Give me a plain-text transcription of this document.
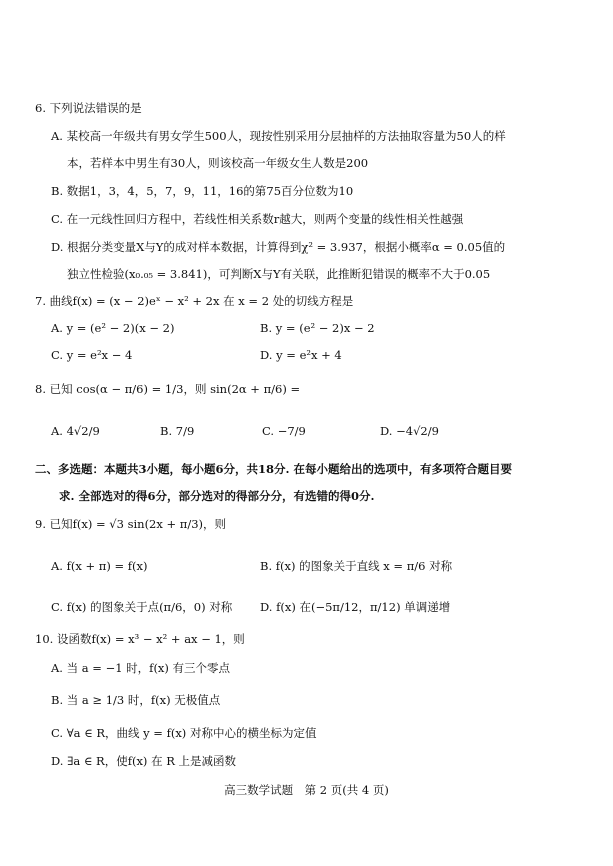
6. 下列说法错误的是
A. 某校高一年级共有男女学生500人，现按性别采用分层抽样的方法抽取容量为50人的样
本，若样本中男生有30人，则该校高一年级女生人数是200
B. 数据1，3，4，5，7，9，11，16的第75百分位数为10
C. 在一元线性回归方程中，若线性相关系数r越大，则两个变量的线性相关性越强
D. 根据分类变量X与Y的成对样本数据，计算得到χ² = 3.937，根据小概率α = 0.05值的
独立性检验(x₀.₀₅ = 3.841)，可判断X与Y有关联，此推断犯错误的概率不大于0.05
7. 曲线f(x) = (x − 2)eˣ − x² + 2x 在 x = 2 处的切线方程是
A. y = (e² − 2)(x − 2)	B. y = (e² − 2)x − 2
C. y = e²x − 4	D. y = e²x + 4
8. 已知 cos(α − π/6) = 1/3，则 sin(2α + π/6) =
A. 4√2/9	B. 7/9	C. −7/9	D. −4√2/9
二、多选题：本题共3小题，每小题6分，共18分. 在每小题给出的选项中，有多项符合题目要
求. 全部选对的得6分，部分选对的得部分分，有选错的得0分.
9. 已知f(x) = √3 sin(2x + π/3)，则
A. f(x + π) = f(x)	B. f(x) 的图象关于直线 x = π/6 对称
C. f(x) 的图象关于点(π/6，0) 对称 D. f(x) 在(−5π/12，π/12) 单调递增
10. 设函数f(x) = x³ − x² + ax − 1，则
A. 当 a = −1 时，f(x) 有三个零点
B. 当 a ≥ 1/3 时，f(x) 无极值点
C. ∀a ∈ R，曲线 y = f(x) 对称中心的横坐标为定值
D. ∃a ∈ R，使f(x) 在 R 上是减函数
高三数学试题　第 2 页(共 4 页)
